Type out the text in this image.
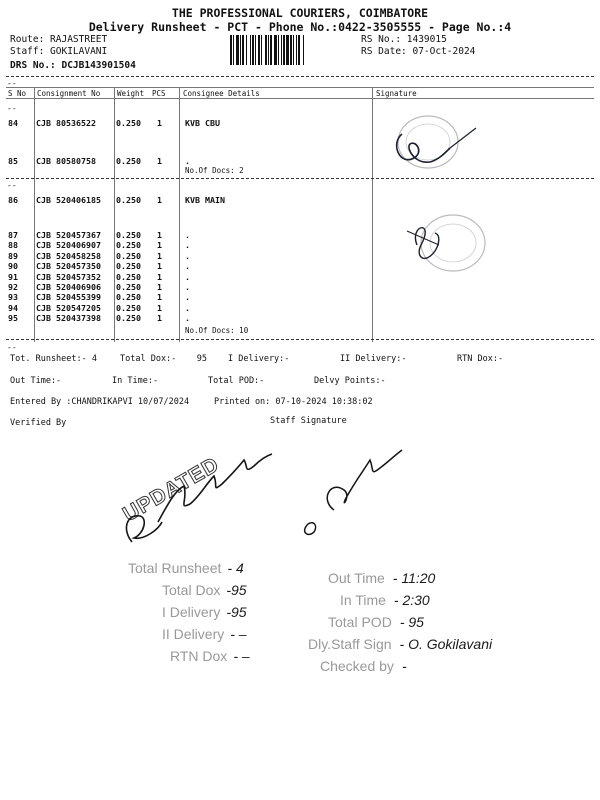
THE PROFESSIONAL COURIERS, COIMBATORE
Delivery Runsheet - PCT - Phone No.:0422-3505555 - Page No.:4
Route: RAJASTREET
Staff: GOKILAVANI
DRS No.: DCJB143901504
RS No.: 1439015
RS Date: 07-Oct-2024
--
S No Consignment No Weight PCS Consignee Details	Signature
--
84 CJB 80536522 0.250 1	KVB CBU
85 CJB 80580758 0.250 1	.
No.Of Docs: 2
--
86 CJB 520406185 0.250 1	KVB MAIN
87 CJB 520457367 0.250 1	.
88 CJB 520406907 0.250 1	.
89 CJB 520458258 0.250 1	.
90 CJB 520457350 0.250 1	.
91 CJB 520457352 0.250 1	.
92 CJB 520406906 0.250 1	.
93 CJB 520455399 0.250 1	.
94 CJB 520547205 0.250 1	.
95 CJB 520437398 0.250 1	.
No.Of Docs: 10
--
Tot. Runsheet:- 4	Total Dox:-    95 I Delivery:-	II Delivery:-	RTN Dox:-
Out Time:-	In Time:-	Total POD:-	Delvy Points:-
Entered By :CHANDRIKAPVI 10/07/2024	Printed on: 07-10-2024 10:38:02
Verified By	Staff Signature
UPDATED
Total Runsheet - 4
Total Dox -95
I Delivery -95
II Delivery - –
RTN Dox - –
Out Time - 11:20
In Time - 2:30
Total POD - 95
Dly.Staff Sign - O. Gokilavani
Checked by -
